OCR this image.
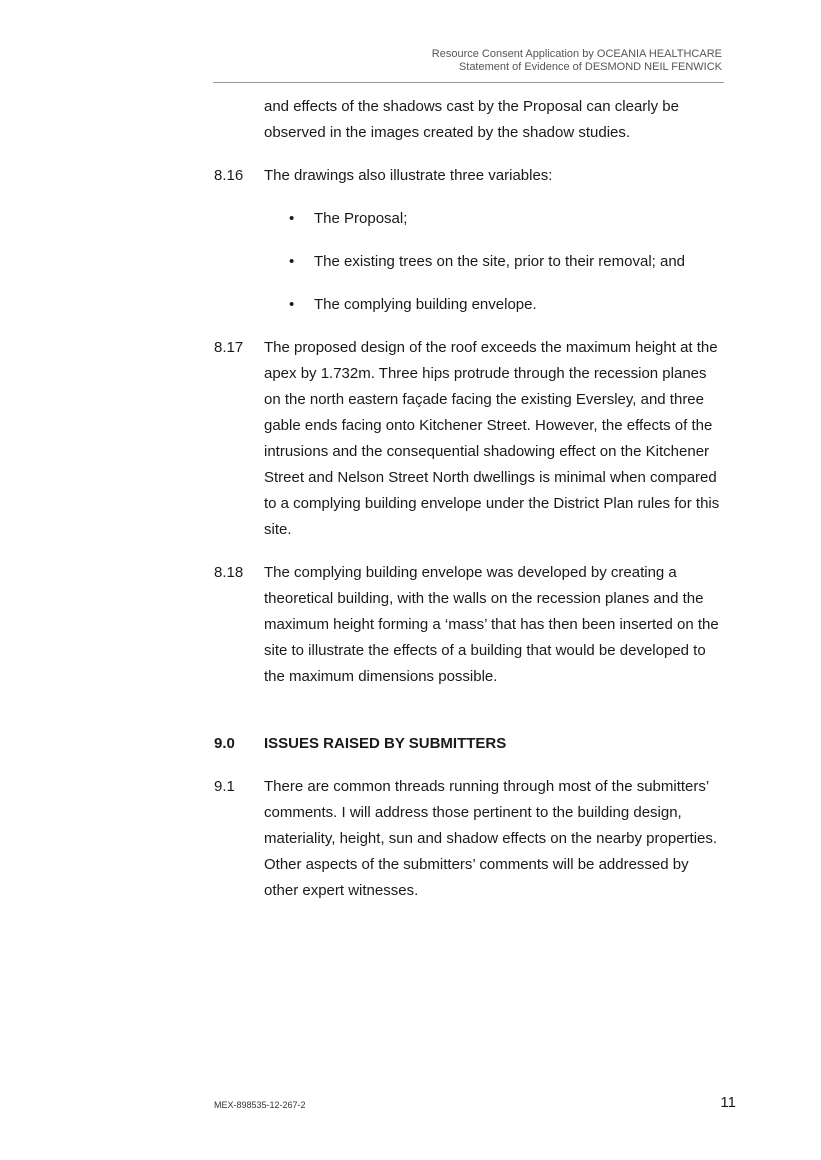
Resource Consent Application by OCEANIA HEALTHCARE
Statement of Evidence of DESMOND NEIL FENWICK
and effects of the shadows cast by the Proposal can clearly be observed in the images created by the shadow studies.
8.16	The drawings also illustrate three variables:
• The Proposal;
• The existing trees on the site, prior to their removal; and
• The complying building envelope.
8.17	The proposed design of the roof exceeds the maximum height at the apex by 1.732m. Three hips protrude through the recession planes on the north eastern façade facing the existing Eversley, and three gable ends facing onto Kitchener Street. However, the effects of the intrusions and the consequential shadowing effect on the Kitchener Street and Nelson Street North dwellings is minimal when compared to a complying building envelope under the District Plan rules for this site.
8.18	The complying building envelope was developed by creating a theoretical building, with the walls on the recession planes and the maximum height forming a ‘mass’ that has then been inserted on the site to illustrate the effects of a building that would be developed to the maximum dimensions possible.
9.0	ISSUES RAISED BY SUBMITTERS
9.1	There are common threads running through most of the submitters’ comments. I will address those pertinent to the building design, materiality, height, sun and shadow effects on the nearby properties. Other aspects of the submitters’ comments will be addressed by other expert witnesses.
MEX-898535-12-267-2	11
